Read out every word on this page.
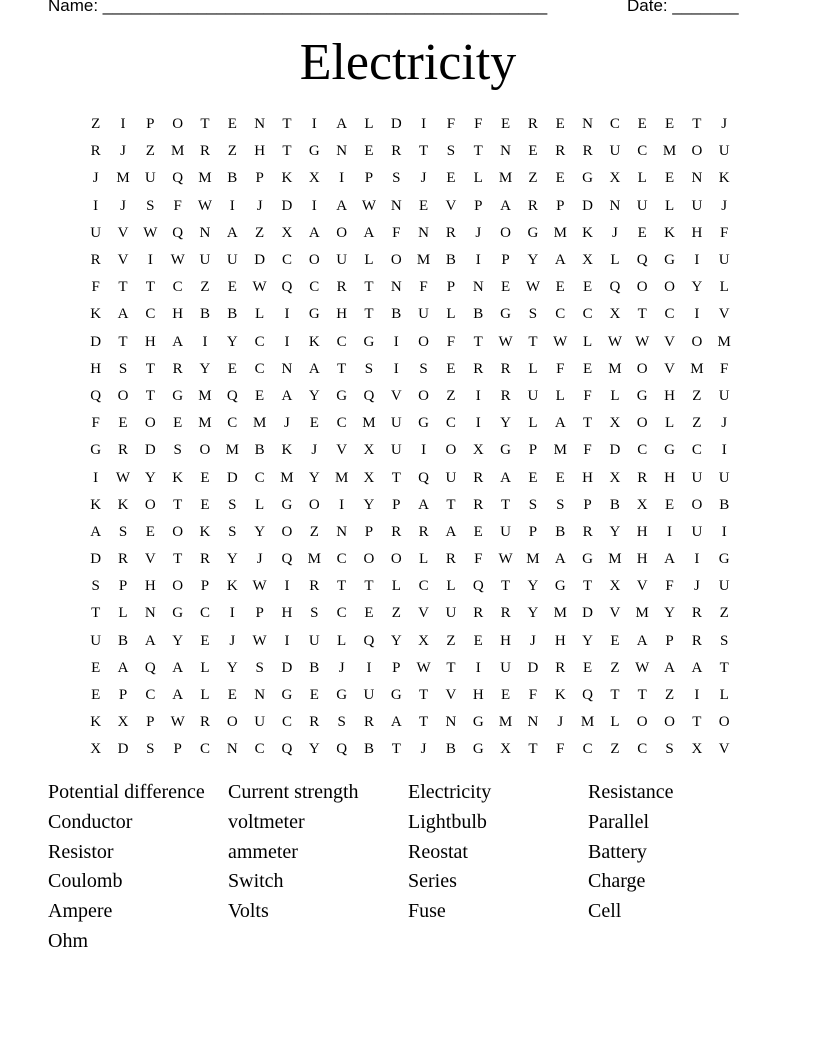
Name: _______________________________________________	Date: _______
Electricity
Z	I	P	O	T	E	N	T	I	A	L	D	I	F	F	E	R	E	N	C	E	E	T	J
R	J	Z	M	R	Z	H	T	G	N	E	R	T	S	T	N	E	R	R	U	C	M	O	U
J	M	U	Q	M	B	P	K	X	I	P	S	J	E	L	M	Z	E	G	X	L	E	N	K
I	J	S	F	W	I	J	D	I	A W N	E	V	P	A	R	P	D	N	U	L	U	J
U	V W Q	N	A	Z	X	A	O	A	F	N	R	J	O	G	M	K	J	E	K	H	F
R	V	I	W U	U	D	C	O	U	L	O	M	B	I	P	Y	A	X	L	Q	G	I	U
F	T	T	C	Z	E	W Q	C	R	T	N	F	P	N	E	W	E	E	Q	O	O	Y	L
K	A	C	H	B	B	L	I	G	H	T	B	U	L	B	G	S	C	C	X	T	C	I	V
D	T	H	A	I	Y	C	I	K	C	G	I	O	F	T	W	T	W	L	W W V	O	M
H	S	T	R	Y	E	C	N	A	T	S	I	S	E	R	R	L	F	E	M	O	V	M	F
Q	O	T	G	M	Q	E	A	Y	G	Q	V	O	Z	I	R	U	L	F	L	G	H	Z	U
F	E	O	E	M	C	M	J	E	C	M	U	G	C	I	Y	L	A	T	X	O	L	Z	J
G	R	D	S	O	M	B	K	J	V	X	U	I	O	X	G	P	M	F	D	C	G	C	I
I	W Y	K	E	D	C	M	Y	M	X	T	Q	U	R	A	E	E	H	X	R	H	U	U
K	K	O	T	E	S	L	G	O	I	Y	P	A	T	R	T	S	S	P	B	X	E	O	B
A	S	E	O	K	S	Y	O	Z	N	P	R	R	A	E	U	P	B	R	Y	H	I	U	I
D	R	V	T	R	Y	J	Q	M	C	O	O	L	R	F	W M	A	G	M	H	A	I	G
S	P	H	O	P	K W	I	R	T	T	L	C	L	Q	T	Y	G	T	X	V	F	J	U
T	L	N	G	C	I	P	H	S	C	E	Z	V	U	R	R	Y	M	D	V	M	Y	R	Z
U	B	A	Y	E	J	W	I	U	L	Q	Y	X	Z	E	H	J	H	Y	E	A	P	R	S
E	A	Q	A	L	Y	S	D	B	J	I	P	W	T	I	U	D	R	E	Z	W A	A	T
E	P	C	A	L	E	N	G	E	G	U	G	T	V	H	E	F	K	Q	T	T	Z	I	L
K	X	P	W	R	O	U	C	R	S	R	A	T	N	G	M	N	J	M	L	O	O	T	O
X	D	S	P	C	N	C	Q	Y	Q	B	T	J	B	G	X	T	F	C	Z	C	S	X	V
Potential difference	Current strength	Electricity	Resistance
Conductor	voltmeter	Lightbulb	Parallel
Resistor	ammeter	Reostat	Battery
Coulomb	Switch	Series	Charge
Ampere	Volts	Fuse	Cell
Ohm
